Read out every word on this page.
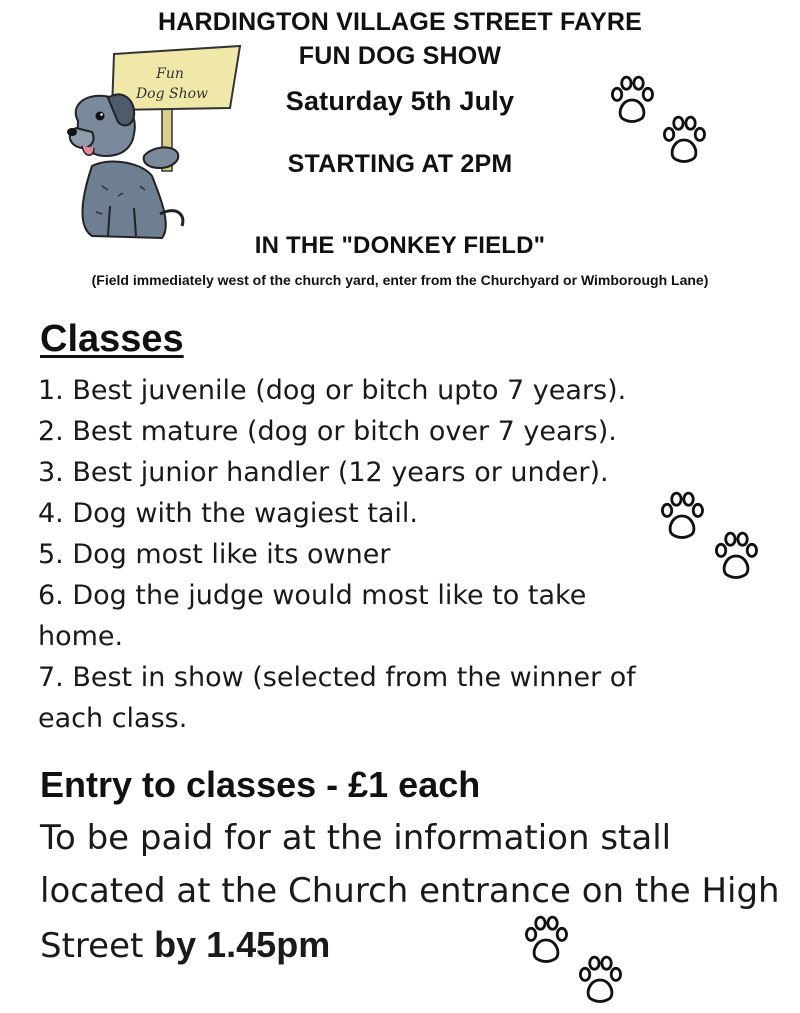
HARDINGTON VILLAGE STREET FAYRE
FUN DOG SHOW
Saturday 5th July
STARTING AT 2PM
IN THE "DONKEY FIELD"
(Field immediately west of the church yard, enter from the Churchyard or Wimborough Lane)
Fun
Dog Show
Classes
1. Best juvenile (dog or bitch upto 7 years).
2. Best mature (dog or bitch over 7 years).
3. Best junior handler (12 years or under).
4. Dog with the wagiest tail.
5. Dog most like its owner
6. Dog the judge would most like to take home.
7. Best in show (selected from the winner of each class.
Entry to classes - £1 each
To be paid for at the information stall located at the Church entrance on the High Street by 1.45pm
